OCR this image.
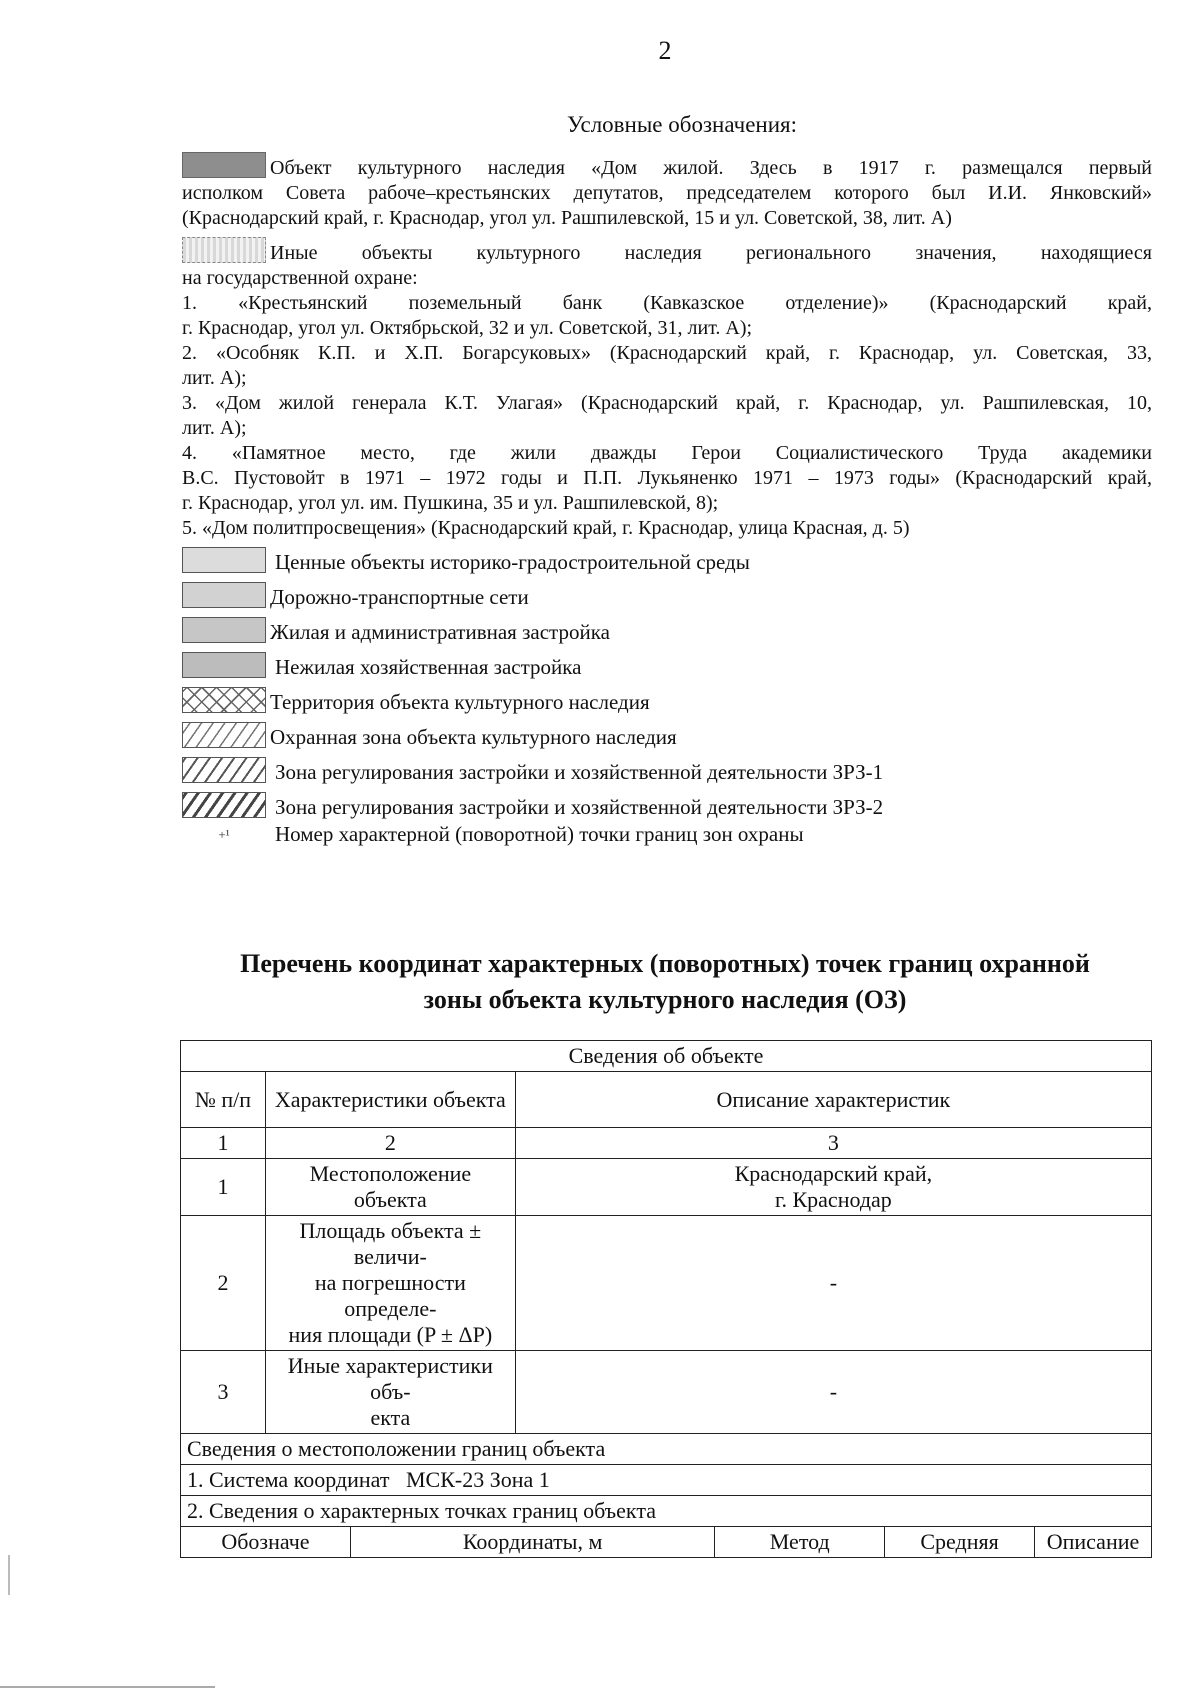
2
Условные обозначения:

Объект культурного наследия «Дом жилой. Здесь в 1917 г. размещался первый

исполком Совета рабоче–крестьянских депутатов, председателем которого был И.И. Янковский»

(Краснодарский край, г. Краснодар, угол ул. Рашпилевской, 15 и ул. Советской, 38, лит. А)

Иные объекты культурного наследия регионального значения, находящиеся

на государственной охране:

1. «Крестьянский поземельный банк (Кавказское отделение)» (Краснодарский край,

г. Краснодар, угол ул. Октябрьской, 32 и ул. Советской, 31, лит. А);

2. «Особняк К.П. и Х.П. Богарсуковых» (Краснодарский край, г. Краснодар, ул. Советская, 33,

лит. А);

3. «Дом жилой генерала К.Т. Улагая» (Краснодарский край, г. Краснодар, ул. Рашпилевская, 10,

лит. А);

4. «Памятное место, где жили дважды Герои Социалистического Труда академики

В.С. Пустовойт в 1971 – 1972 годы и П.П. Лукьяненко 1971 – 1973 годы» (Краснодарский край,

г. Краснодар, угол ул. им. Пушкина, 35 и ул. Рашпилевской, 8);

5. «Дом политпросвещения» (Краснодарский край, г. Краснодар, улица Красная, д. 5)

Ценные объекты историко-градостроительной среды

Дорожно-транспортные сети

Жилая и административная застройка

Нежилая хозяйственная застройка

Территория объекта культурного наследия

Охранная зона объекта культурного наследия

Зона регулирования застройки и хозяйственной деятельности ЗРЗ-1

Зона регулирования застройки и хозяйственной деятельности ЗРЗ-2

+¹ Номер характерной (поворотной) точки границ зон охраны

Перечень координат характерных (поворотных) точек границ охранной
зоны объекта культурного наследия (ОЗ)
Сведения об объекте						
№ п/п	Характеристики объекта		Описание характеристик			
1	2		3			
1	Местоположение объекта		Краснодарский край,
г. Краснодар			

2	Площадь объекта ± величи-
на погрешности определе-
ния площади (P ± ΔP)		-			
3	Иные характеристики объ-
екта		-			
Сведения о местоположении границ объекта						
1. Система координат   МСК-23 Зона 1						
2. Сведения о характерных точках границ объекта						
Обозначе		Координаты, м		Метод	Средняя	Описание
